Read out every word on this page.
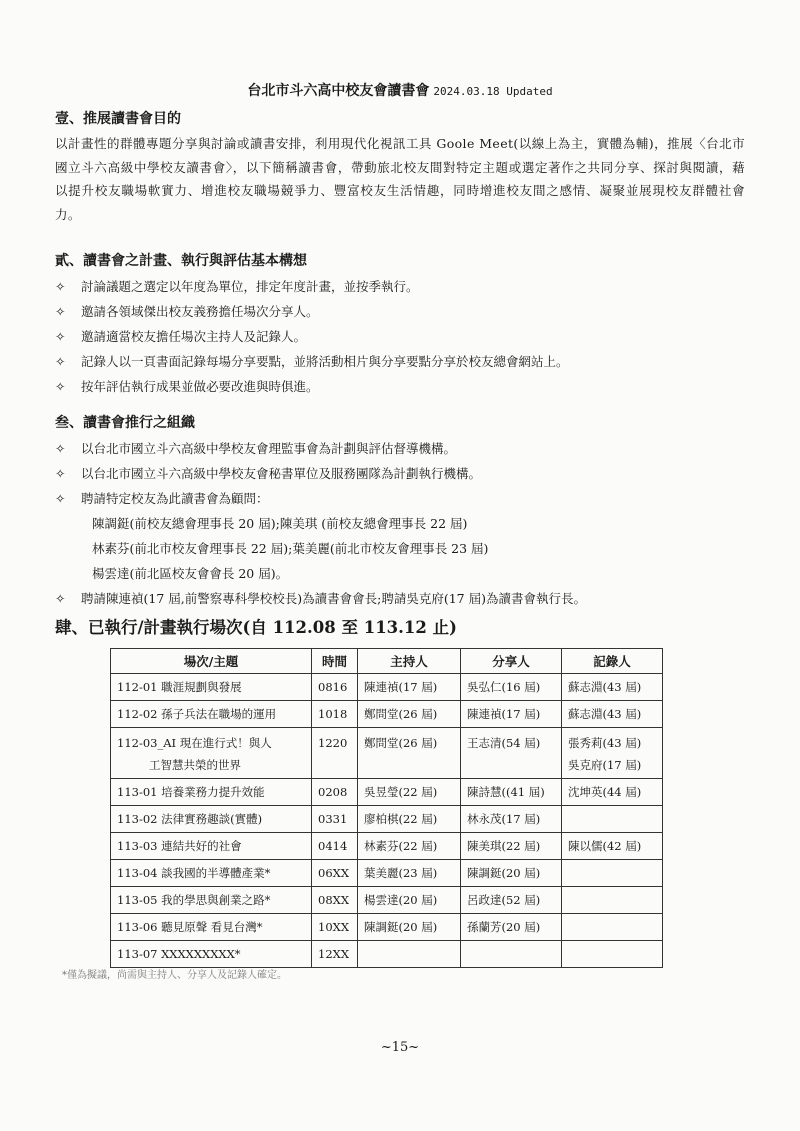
台北市斗六高中校友會讀書會 2024.03.18 Updated
壹、推展讀書會目的
以計畫性的群體專題分享與討論或讀書安排，利用現代化視訊工具 Goole Meet(以線上為主，實體為輔)，推展〈台北市國立斗六高級中學校友讀書會〉，以下簡稱讀書會，帶動旅北校友間對特定主題或選定著作之共同分享、探討與閱讀，藉以提升校友職場軟實力、增進校友職場競爭力、豐富校友生活情趣，同時增進校友間之感情、凝聚並展現校友群體社會力。
貳、讀書會之計畫、執行與評估基本構想
✧	討論議題之選定以年度為單位，排定年度計畫，並按季執行。
✧	邀請各領域傑出校友義務擔任場次分享人。
✧	邀請適當校友擔任場次主持人及記錄人。
✧	記錄人以一頁書面記錄每場分享要點，並將活動相片與分享要點分享於校友總會網站上。
✧	按年評估執行成果並做必要改進與時俱進。
叁、讀書會推行之組織
✧	以台北市國立斗六高級中學校友會理監事會為計劃與評估督導機構。
✧	以台北市國立斗六高級中學校友會秘書單位及服務團隊為計劃執行機構。
✧	聘請特定校友為此讀書會為顧問：
陳調鋌(前校友總會理事長 20 屆);陳美琪 (前校友總會理事長 22 屆)
林素芬(前北市校友會理事長 22 屆);葉美麗(前北市校友會理事長 23 屆)
楊雲達(前北區校友會會長 20 屆)。
✧	聘請陳連禎(17 屆,前警察專科學校校長)為讀書會會長;聘請吳克府(17 屆)為讀書會執行長。
肆、已執行/計畫執行場次(自 112.08 至 113.12 止)
場次/主題	時間	主持人	分享人	記錄人
112-01 職涯規劃與發展	0816	陳連禎(17 屆)	吳弘仁(16 屆)	蘇志淵(43 屆)
112-02 孫子兵法在職場的運用	1018	鄭問堂(26 屆)	陳連禎(17 屆)	蘇志淵(43 屆)
112-03_AI 現在進行式！與人
工智慧共榮的世界	1220	鄭問堂(26 屆)	王志清(54 屆)	張秀莉(43 屆)
吳克府(17 屆)
113-01 培養業務力提升效能	0208	吳昱瑩(22 屆)	陳詩慧((41 屆)	沈坤英(44 屆)
113-02 法律實務趣談(實體)	0331	廖柏棋(22 屆)	林永茂(17 屆)	
113-03 連結共好的社會	0414	林素芬(22 屆)	陳美琪(22 屆)	陳以儒(42 屆)
113-04 談我國的半導體產業*	06XX	葉美麗(23 屆)	陳調鋌(20 屆)	
113-05 我的學思與創業之路*	08XX	楊雲達(20 屆)	呂政達(52 屆)	
113-06 聽見原聲 看見台灣*	10XX	陳調鋌(20 屆)	孫蘭芳(20 屆)	
113-07 XXXXXXXXX*	12XX			
*僅為擬議，尚需與主持人、分享人及記錄人確定。
~15~
